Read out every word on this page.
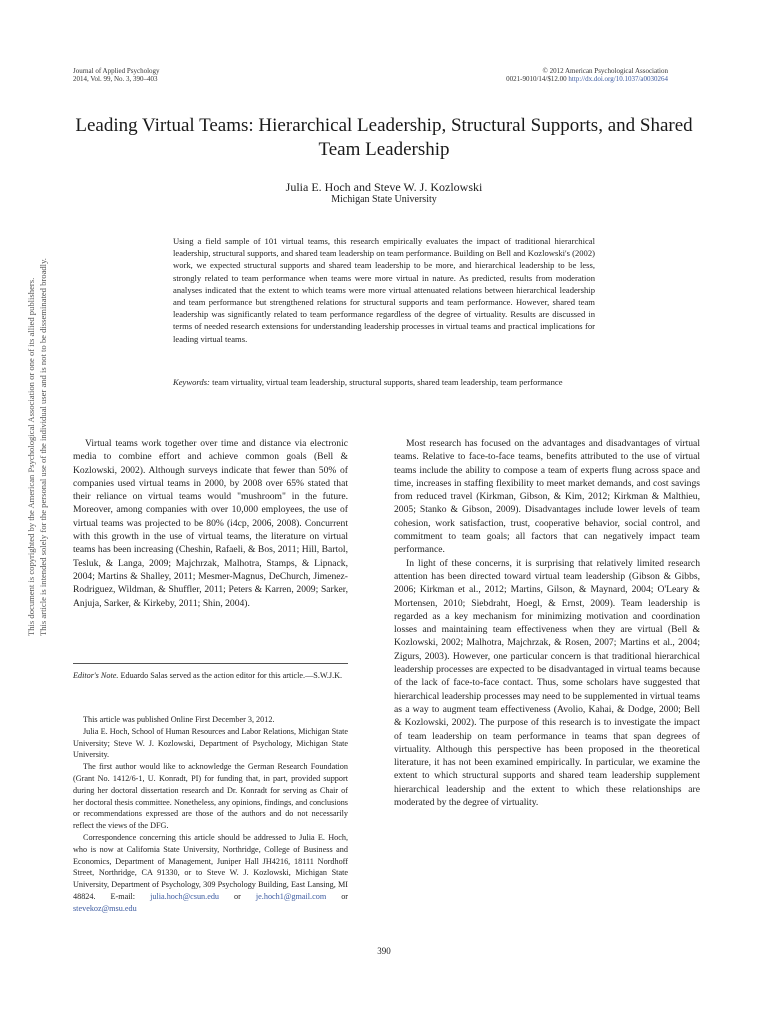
Journal of Applied Psychology
2014, Vol. 99, No. 3, 390–403
© 2012 American Psychological Association
0021-9010/14/$12.00 http://dx.doi.org/10.1037/a0030264
Leading Virtual Teams: Hierarchical Leadership, Structural Supports, and Shared Team Leadership
Julia E. Hoch and Steve W. J. Kozlowski
Michigan State University
Using a field sample of 101 virtual teams, this research empirically evaluates the impact of traditional hierarchical leadership, structural supports, and shared team leadership on team performance. Building on Bell and Kozlowski's (2002) work, we expected structural supports and shared team leadership to be more, and hierarchical leadership to be less, strongly related to team performance when teams were more virtual in nature. As predicted, results from moderation analyses indicated that the extent to which teams were more virtual attenuated relations between hierarchical leadership and team performance but strengthened relations for structural supports and team performance. However, shared team leadership was significantly related to team performance regardless of the degree of virtuality. Results are discussed in terms of needed research extensions for understanding leadership processes in virtual teams and practical implications for leading virtual teams.
Keywords: team virtuality, virtual team leadership, structural supports, shared team leadership, team performance

Virtual teams work together over time and distance via electronic media to combine effort and achieve common goals (Bell & Kozlowski, 2002). Although surveys indicate that fewer than 50% of companies used virtual teams in 2000, by 2008 over 65% stated that their reliance on virtual teams would "mushroom" in the future. Moreover, among companies with over 10,000 employees, the use of virtual teams was projected to be 80% (i4cp, 2006, 2008). Concurrent with this growth in the use of virtual teams, the literature on virtual teams has been increasing (Cheshin, Rafaeli, & Bos, 2011; Hill, Bartol, Tesluk, & Langa, 2009; Majchrzak, Malhotra, Stamps, & Lipnack, 2004; Martins & Shalley, 2011; Mesmer-Magnus, DeChurch, Jimenez-Rodriguez, Wildman, & Shuffler, 2011; Peters & Karren, 2009; Sarker, Anjuja, Sarker, & Kirkeby, 2011; Shin, 2004).

Editor's Note. Eduardo Salas served as the action editor for this article.—S.W.J.K.

This article was published Online First December 3, 2012.

Julia E. Hoch, School of Human Resources and Labor Relations, Michigan State University; Steve W. J. Kozlowski, Department of Psychology, Michigan State University.

The first author would like to acknowledge the German Research Foundation (Grant No. 1412/6-1, U. Konradt, PI) for funding that, in part, provided support during her doctoral dissertation research and Dr. Konradt for serving as Chair of her doctoral thesis committee. Nonetheless, any opinions, findings, and conclusions or recommendations expressed are those of the authors and do not necessarily reflect the views of the DFG.

Correspondence concerning this article should be addressed to Julia E. Hoch, who is now at California State University, Northridge, College of Business and Economics, Department of Management, Juniper Hall JH4216, 18111 Nordhoff Street, Northridge, CA 91330, or to Steve W. J. Kozlowski, Michigan State University, Department of Psychology, 309 Psychology Building, East Lansing, MI 48824. E-mail: julia.hoch@csun.edu or je.hoch1@gmail.com or stevekoz@msu.edu

Most research has focused on the advantages and disadvantages of virtual teams. Relative to face-to-face teams, benefits attributed to the use of virtual teams include the ability to compose a team of experts flung across space and time, increases in staffing flexibility to meet market demands, and cost savings from reduced travel (Kirkman, Gibson, & Kim, 2012; Kirkman & Malthieu, 2005; Stanko & Gibson, 2009). Disadvantages include lower levels of team cohesion, work satisfaction, trust, cooperative behavior, social control, and commitment to team goals; all factors that can negatively impact team performance.

In light of these concerns, it is surprising that relatively limited research attention has been directed toward virtual team leadership (Gibson & Gibbs, 2006; Kirkman et al., 2012; Martins, Gilson, & Maynard, 2004; O'Leary & Mortensen, 2010; Siebdraht, Hoegl, & Ernst, 2009). Team leadership is regarded as a key mechanism for minimizing motivation and coordination losses and maintaining team effectiveness when they are virtual (Bell & Kozlowski, 2002; Malhotra, Majchrzak, & Rosen, 2007; Martins et al., 2004; Zigurs, 2003). However, one particular concern is that traditional hierarchical leadership processes are expected to be disadvantaged in virtual teams because of the lack of face-to-face contact. Thus, some scholars have suggested that hierarchical leadership processes may need to be supplemented in virtual teams as a way to augment team effectiveness (Avolio, Kahai, & Dodge, 2000; Bell & Kozlowski, 2002). The purpose of this research is to investigate the impact of team leadership on team performance in teams that span degrees of virtuality. Although this perspective has been proposed in the theoretical literature, it has not been examined empirically. In particular, we examine the extent to which structural supports and shared team leadership supplement hierarchical leadership and the extent to which these relationships are moderated by the degree of virtuality.

390
This document is copyrighted by the American Psychological Association or one of its allied publishers. This article is intended solely for the personal use of the individual user and is not to be disseminated broadly.
